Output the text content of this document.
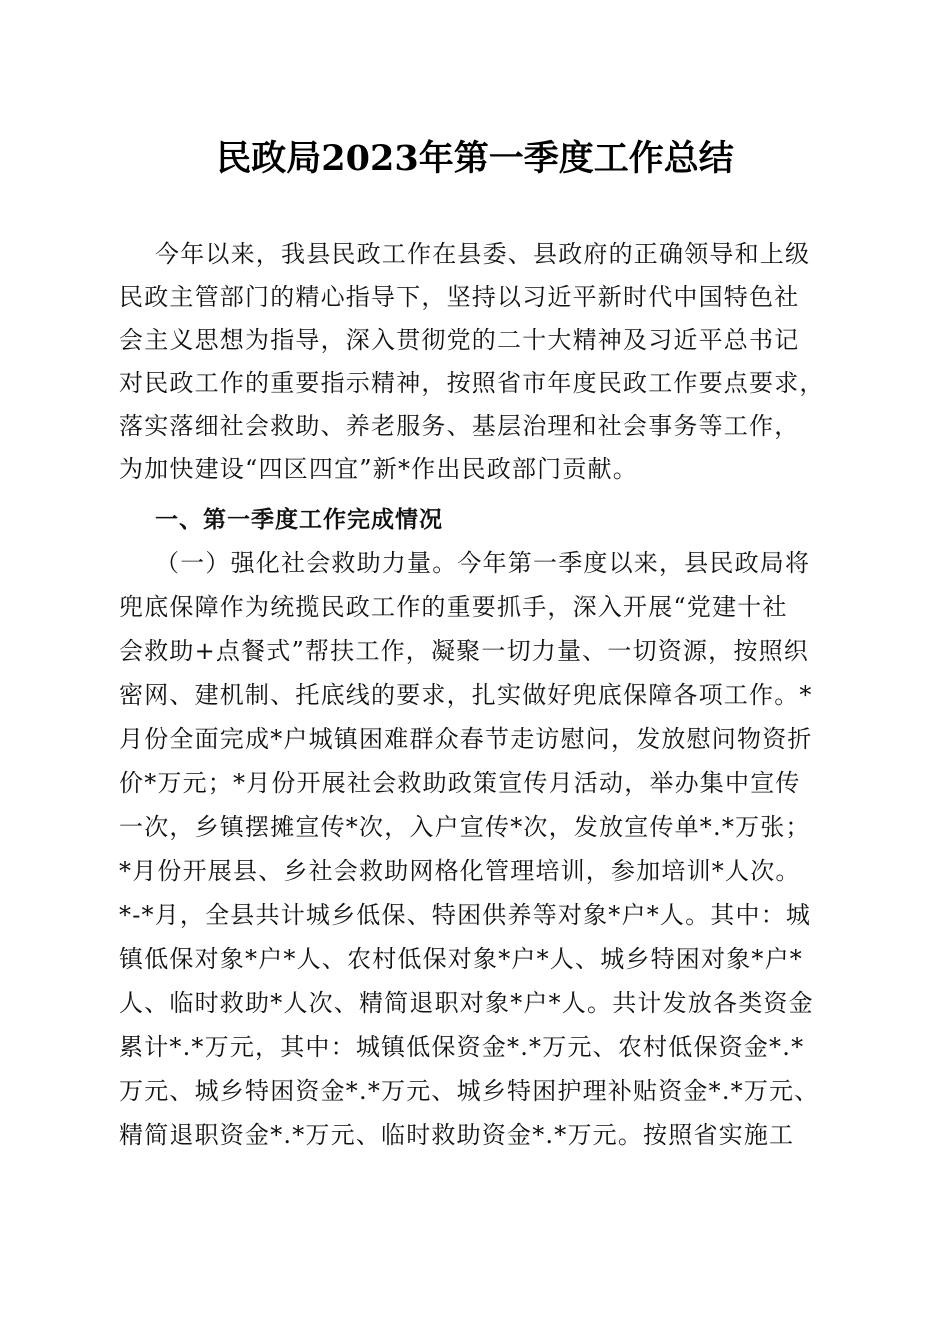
民政局2023年第一季度工作总结
今年以来，我县民政工作在县委、县政府的正确领导和上级
民政主管部门的精心指导下，坚持以习近平新时代中国特色社
会主义思想为指导，深入贯彻党的二十大精神及习近平总书记
对民政工作的重要指示精神，按照省市年度民政工作要点要求，
落实落细社会救助、养老服务、基层治理和社会事务等工作，
为加快建设“四区四宜”新*作出民政部门贡献。
一、第一季度工作完成情况
（一）强化社会救助力量。今年第一季度以来，县民政局将
兜底保障作为统揽民政工作的重要抓手，深入开展“党建十社
会救助+点餐式”帮扶工作，凝聚一切力量、一切资源，按照织
密网、建机制、托底线的要求，扎实做好兜底保障各项工作。*
月份全面完成*户城镇困难群众春节走访慰问，发放慰问物资折
价*万元；*月份开展社会救助政策宣传月活动，举办集中宣传
一次，乡镇摆摊宣传*次，入户宣传*次，发放宣传单*.*万张；
*月份开展县、乡社会救助网格化管理培训，参加培训*人次。
*-*月，全县共计城乡低保、特困供养等对象*户*人。其中：城
镇低保对象*户*人、农村低保对象*户*人、城乡特困对象*户*
人、临时救助*人次、精简退职对象*户*人。共计发放各类资金
累计*.*万元，其中：城镇低保资金*.*万元、农村低保资金*.*
万元、城乡特困资金*.*万元、城乡特困护理补贴资金*.*万元、
精简退职资金*.*万元、临时救助资金*.*万元。按照省实施工
